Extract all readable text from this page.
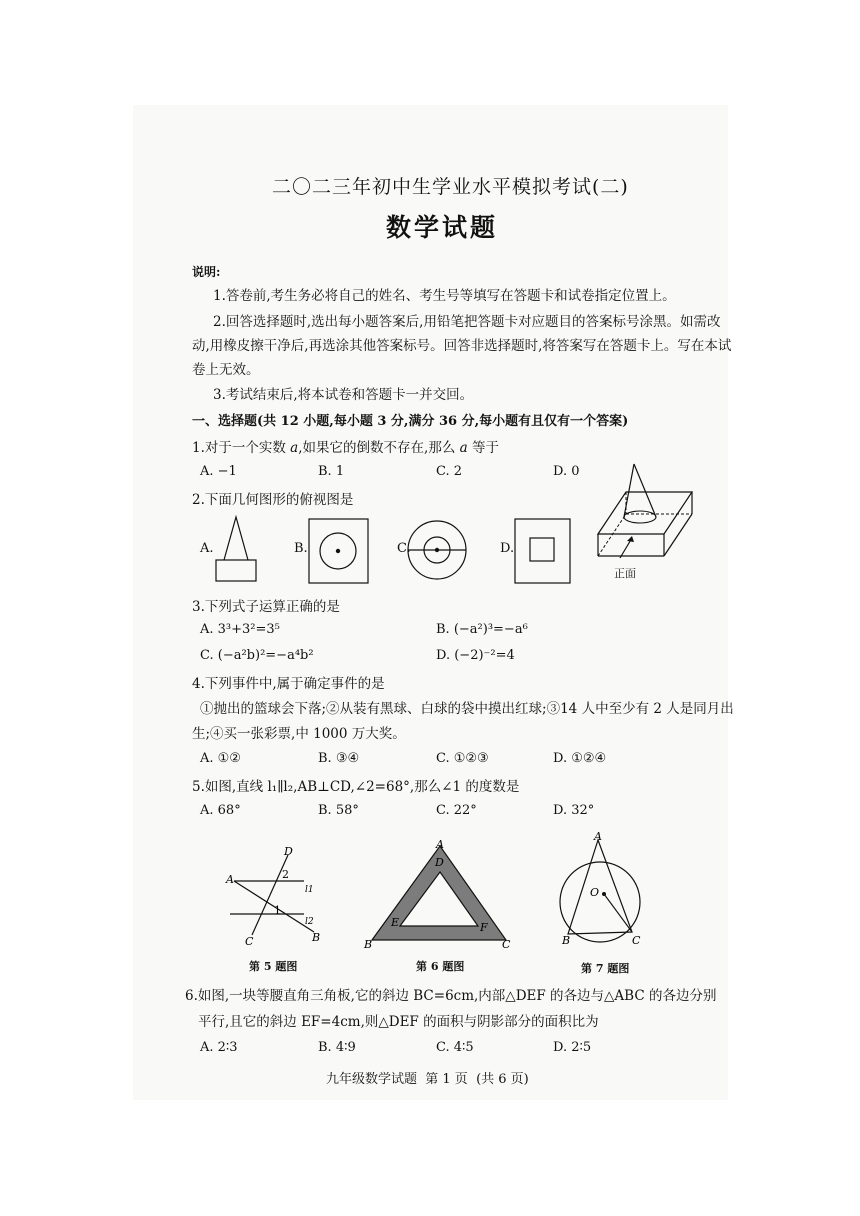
二〇二三年初中生学业水平模拟考试(二)
数学试题
说明:
1.答卷前,考生务必将自己的姓名、考生号等填写在答题卡和试卷指定位置上。
2.回答选择题时,选出每小题答案后,用铅笔把答题卡对应题目的答案标号涂黑。如需改
动,用橡皮擦干净后,再选涂其他答案标号。回答非选择题时,将答案写在答题卡上。写在本试
卷上无效。
3.考试结束后,将本试卷和答题卡一并交回。
一、选择题(共 12 小题,每小题 3 分,满分 36 分,每小题有且仅有一个答案)
1.对于一个实数 a,如果它的倒数不存在,那么 a 等于
A. −1	B. 1	C. 2	D. 0
2.下面几何图形的俯视图是
A.	B.	C.	D.
正面
3.下列式子运算正确的是
A. 3³+3²=3⁵	B. (−a²)³=−a⁶
C. (−a²b)²=−a⁴b²	D. (−2)⁻²=4
4.下列事件中,属于确定事件的是
①抛出的篮球会下落;②从装有黑球、白球的袋中摸出红球;③14 人中至少有 2 人是同月出
生;④买一张彩票,中 1000 万大奖。
A. ①②	B. ③④	C. ①②③	D. ①②④
5.如图,直线 l₁∥l₂,AB⊥CD,∠2=68°,那么∠1 的度数是
A. 68°	B. 58°	C. 22°	D. 32°
A
B
C
D
1
2
l1
l2
第 5 题图
A
B	C
D
E	F
第 6 题图
A
B	C
O
第 7 题图
6.如图,一块等腰直角三角板,它的斜边 BC=6cm,内部△DEF 的各边与△ABC 的各边分别
平行,且它的斜边 EF=4cm,则△DEF 的面积与阴影部分的面积比为
A. 2∶3	B. 4∶9	C. 4∶5	D. 2∶5
九年级数学试题  第 1 页  (共 6 页)
